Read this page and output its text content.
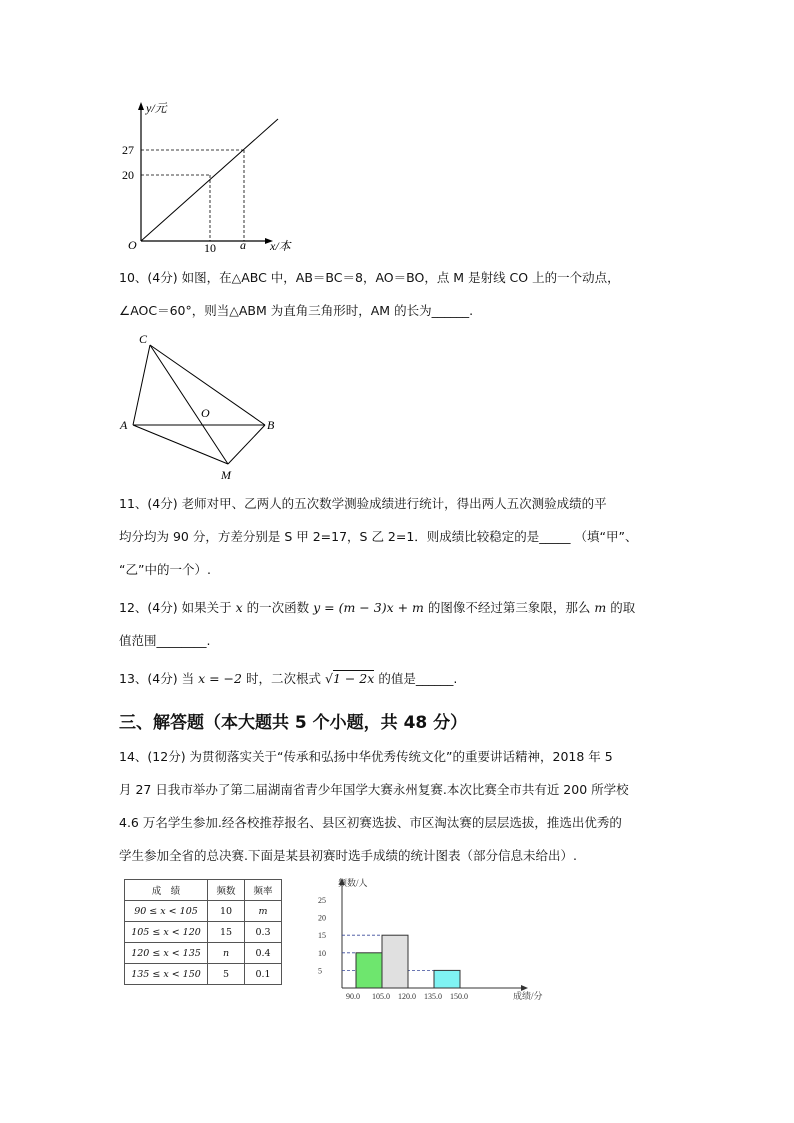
y/元
x/本
O
27
20
10 a
10、(4分) 如图，在△ABC 中，AB＝BC＝8，AO＝BO，点 M 是射线 CO 上的一个动点，
∠AOC＝60°，则当△ABM 为直角三角形时，AM 的长为______.
C
A	B
O
M
11、(4分) 老师对甲、乙两人的五次数学测验成绩进行统计，得出两人五次测验成绩的平
均分均为 90 分，方差分别是 S 甲 2=17，S 乙 2=1．则成绩比较稳定的是_____ （填“甲”、
“乙”中的一个）.
12、(4分) 如果关于 x 的一次函数 y = (m − 3)x + m 的图像不经过第三象限，那么 m 的取
值范围________.
13、(4分) 当 x = −2 时，二次根式 √1 − 2x 的值是______.
三、解答题（本大题共 5 个小题，共 48 分）
14、(12分) 为贯彻落实关于“传承和弘扬中华优秀传统文化”的重要讲话精神，2018 年 5
月 27 日我市举办了第二届湖南省青少年国学大赛永州复赛.本次比赛全市共有近 200 所学校
4.6 万名学生参加.经各校推荐报名、县区初赛选拔、市区淘汰赛的层层选拔，推选出优秀的
学生参加全省的总决赛.下面是某县初赛时选手成绩的统计图表（部分信息未给出）.
成　绩	频数	频率
90 ≤ x < 105	10	m
105 ≤ x < 120	15	0.3
120 ≤ x < 135	n	0.4
135 ≤ x < 150	5	0.1
频数/人
成绩/分
5
10
15
20
25
90.0 105.0 120.0 135.0 150.0
